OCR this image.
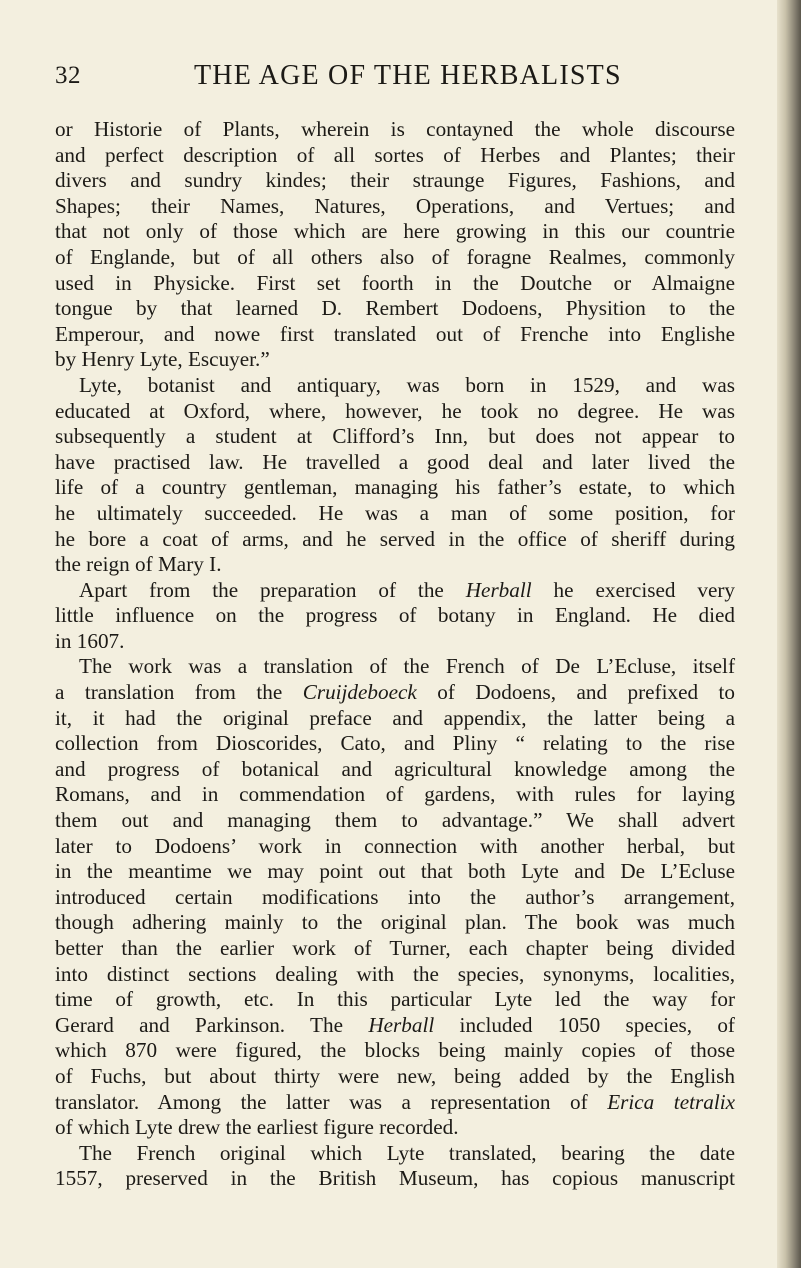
32	THE AGE OF THE HERBALISTS
or Historie of Plants, wherein is contayned the whole discourse
and perfect description of all sortes of Herbes and Plantes; their
divers and sundry kindes; their straunge Figures, Fashions, and
Shapes; their Names, Natures, Operations, and Vertues; and
that not only of those which are here growing in this our countrie
of Englande, but of all others also of foragne Realmes, commonly
used in Physicke. First set foorth in the Doutche or Almaigne
tongue by that learned D. Rembert Dodoens, Physition to the
Emperour, and nowe first translated out of Frenche into Englishe
by Henry Lyte, Escuyer.”
Lyte, botanist and antiquary, was born in 1529, and was
educated at Oxford, where, however, he took no degree. He was
subsequently a student at Clifford’s Inn, but does not appear to
have practised law. He travelled a good deal and later lived the
life of a country gentleman, managing his father’s estate, to which
he ultimately succeeded. He was a man of some position, for
he bore a coat of arms, and he served in the office of sheriff during
the reign of Mary I.
Apart from the preparation of the Herball he exercised very
little influence on the progress of botany in England. He died
in 1607.
The work was a translation of the French of De L’Ecluse, itself
a translation from the Cruijdeboeck of Dodoens, and prefixed to
it, it had the original preface and appendix, the latter being a
collection from Dioscorides, Cato, and Pliny “ relating to the rise
and progress of botanical and agricultural knowledge among the
Romans, and in commendation of gardens, with rules for laying
them out and managing them to advantage.” We shall advert
later to Dodoens’ work in connection with another herbal, but
in the meantime we may point out that both Lyte and De L’Ecluse
introduced certain modifications into the author’s arrangement,
though adhering mainly to the original plan. The book was much
better than the earlier work of Turner, each chapter being divided
into distinct sections dealing with the species, synonyms, localities,
time of growth, etc. In this particular Lyte led the way for
Gerard and Parkinson. The Herball included 1050 species, of
which 870 were figured, the blocks being mainly copies of those
of Fuchs, but about thirty were new, being added by the English
translator. Among the latter was a representation of Erica tetralix
of which Lyte drew the earliest figure recorded.
The French original which Lyte translated, bearing the date
1557, preserved in the British Museum, has copious manuscript
